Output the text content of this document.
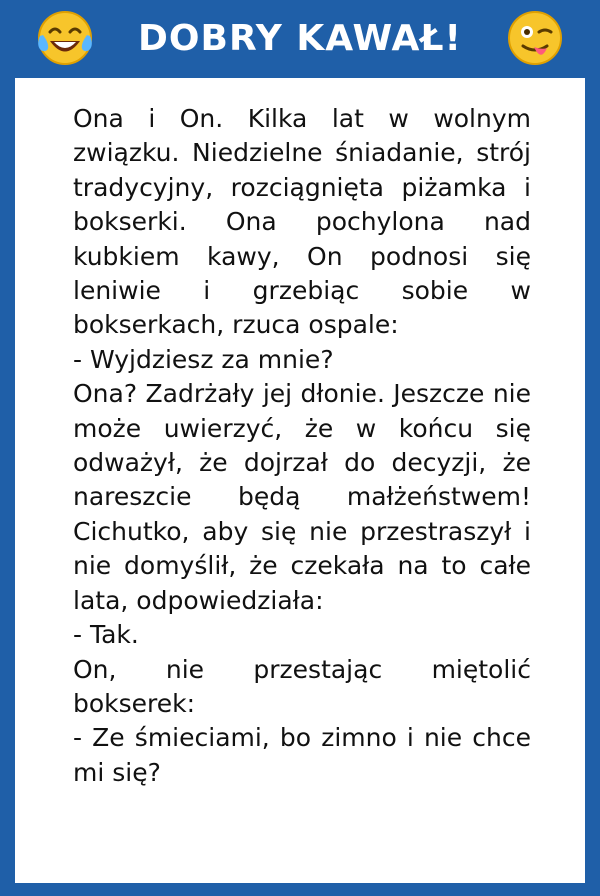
DOBRY KAWAŁ!

Ona i On. Kilka lat w wolnym związku. Niedzielne śniadanie, strój tradycyjny, rozciągnięta piżamka i bokserki. Ona pochylona nad kubkiem kawy, On podnosi się leniwie i grzebiąc sobie w bokserkach, rzuca ospale:

- Wyjdziesz za mnie?

Ona? Zadrżały jej dłonie. Jeszcze nie może uwierzyć, że w końcu się odważył, że dojrzał do decyzji, że nareszcie będą małżeństwem! Cichutko, aby się nie przestraszył i nie domyślił, że czekała na to całe lata, odpowiedziała:

- Tak.

On, nie przestając miętolić bokserek:

- Ze śmieciami, bo zimno i nie chce mi się?
